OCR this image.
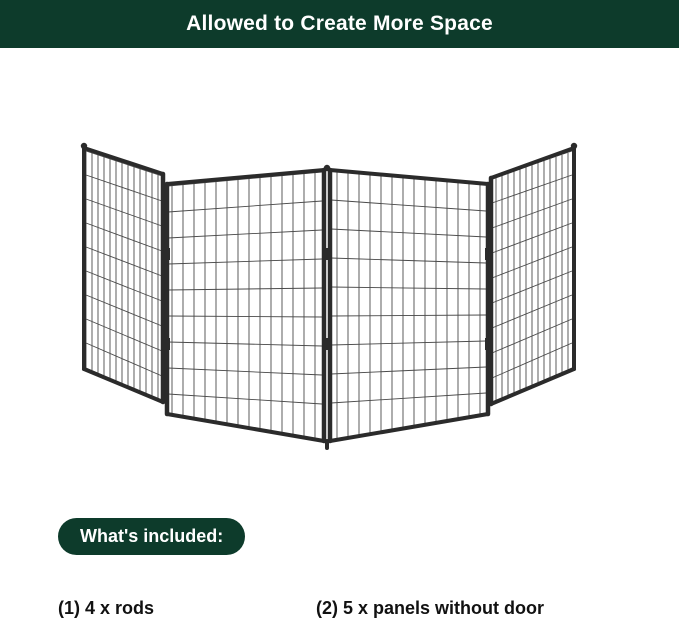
Allowed to Create More Space
What's included:
(1) 4 x rods	(2) 5 x panels without door
